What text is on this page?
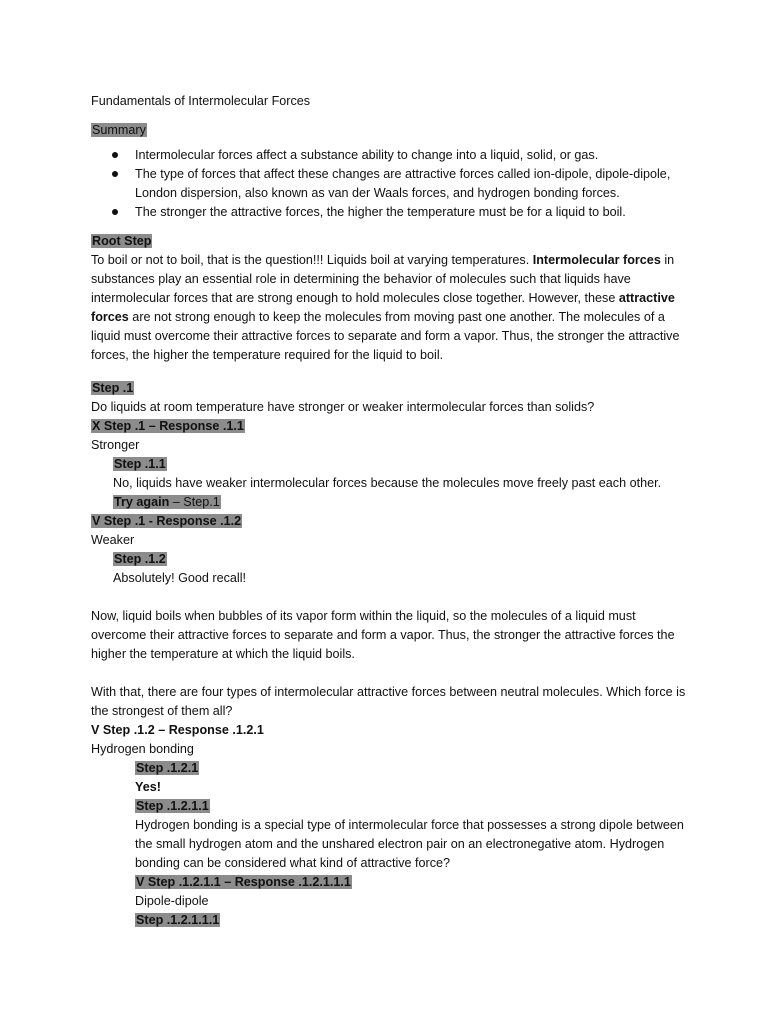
Fundamentals of Intermolecular Forces
Summary
Intermolecular forces affect a substance ability to change into a liquid, solid, or gas.
The type of forces that affect these changes are attractive forces called ion-dipole, dipole-dipole, London dispersion, also known as van der Waals forces, and hydrogen bonding forces.
The stronger the attractive forces, the higher the temperature must be for a liquid to boil.
Root Step

To boil or not to boil, that is the question!!! Liquids boil at varying temperatures. Intermolecular forces in substances play an essential role in determining the behavior of molecules such that liquids have intermolecular forces that are strong enough to hold molecules close together. However, these attractive forces are not strong enough to keep the molecules from moving past one another. The molecules of a liquid must overcome their attractive forces to separate and form a vapor. Thus, the stronger the attractive forces, the higher the temperature required for the liquid to boil.

Step .1
Do liquids at room temperature have stronger or weaker intermolecular forces than solids?
X Step .1 – Response .1.1
Stronger
Step .1.1
No, liquids have weaker intermolecular forces because the molecules move freely past each other.
Try again – Step.1
V Step .1 - Response .1.2
Weaker
Step .1.2
Absolutely! Good recall!

Now, liquid boils when bubbles of its vapor form within the liquid, so the molecules of a liquid must overcome their attractive forces to separate and form a vapor. Thus, the stronger the attractive forces the higher the temperature at which the liquid boils.

With that, there are four types of intermolecular attractive forces between neutral molecules. Which force is the strongest of them all?

V Step .1.2 – Response .1.2.1
Hydrogen bonding
Step .1.2.1
Yes!
Step .1.2.1.1

Hydrogen bonding is a special type of intermolecular force that possesses a strong dipole between the small hydrogen atom and the unshared electron pair on an electronegative atom. Hydrogen bonding can be considered what kind of attractive force?

V Step .1.2.1.1 – Response .1.2.1.1.1
Dipole-dipole
Step .1.2.1.1.1
